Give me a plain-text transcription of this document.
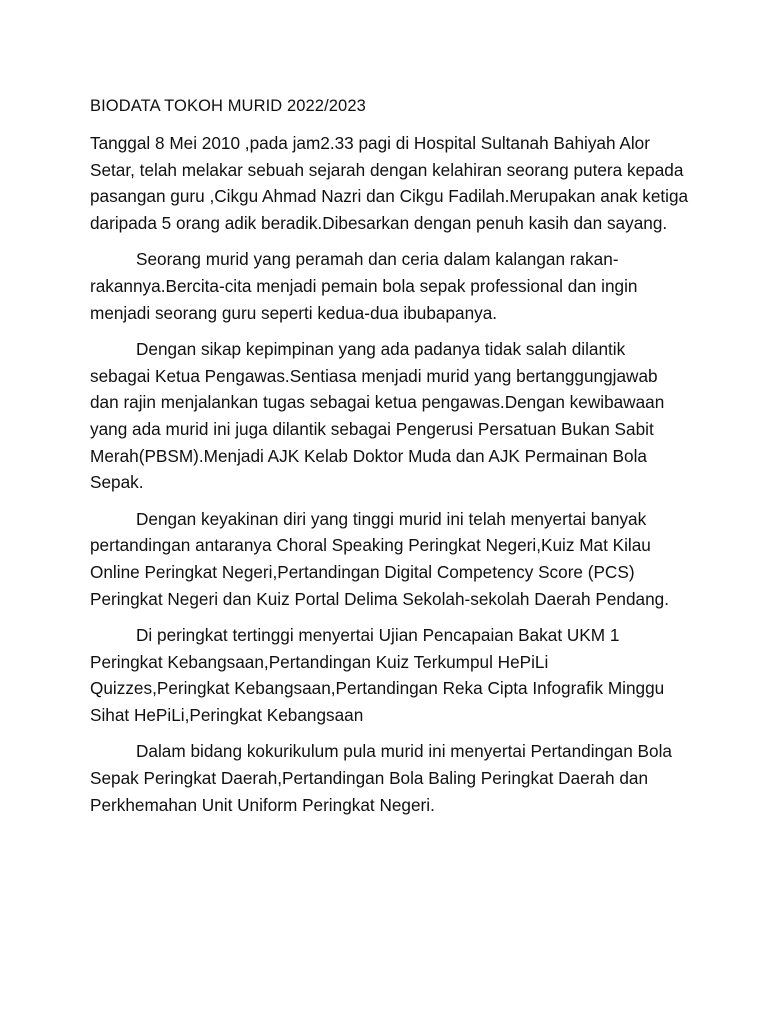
BIODATA TOKOH MURID 2022/2023

Tanggal 8 Mei 2010 ,pada jam2.33 pagi di Hospital Sultanah Bahiyah Alor Setar, telah melakar sebuah sejarah dengan kelahiran seorang putera kepada pasangan guru ,Cikgu Ahmad Nazri dan Cikgu Fadilah.Merupakan anak ketiga daripada 5 orang adik beradik.Dibesarkan dengan penuh kasih dan sayang.

Seorang murid yang peramah dan ceria dalam kalangan rakan-rakannya.Bercita-cita menjadi pemain bola sepak professional dan ingin menjadi seorang guru seperti kedua-dua ibubapanya.

Dengan sikap kepimpinan yang ada padanya tidak salah dilantik sebagai Ketua Pengawas.Sentiasa menjadi murid yang bertanggungjawab dan rajin menjalankan tugas sebagai ketua pengawas.Dengan kewibawaan yang ada murid ini juga dilantik sebagai Pengerusi Persatuan Bukan Sabit Merah(PBSM).Menjadi AJK Kelab Doktor Muda dan AJK Permainan Bola Sepak.

Dengan keyakinan diri yang tinggi murid ini telah menyertai banyak pertandingan antaranya Choral Speaking Peringkat Negeri,Kuiz Mat Kilau Online Peringkat Negeri,Pertandingan Digital Competency Score (PCS) Peringkat Negeri dan Kuiz Portal Delima Sekolah-sekolah Daerah Pendang.

Di peringkat tertinggi menyertai Ujian Pencapaian Bakat UKM 1 Peringkat Kebangsaan,Pertandingan Kuiz Terkumpul HePiLi Quizzes,Peringkat Kebangsaan,Pertandingan Reka Cipta Infografik Minggu Sihat HePiLi,Peringkat Kebangsaan

Dalam bidang kokurikulum pula murid ini menyertai Pertandingan Bola Sepak Peringkat Daerah,Pertandingan Bola Baling Peringkat Daerah dan Perkhemahan Unit Uniform Peringkat Negeri.
